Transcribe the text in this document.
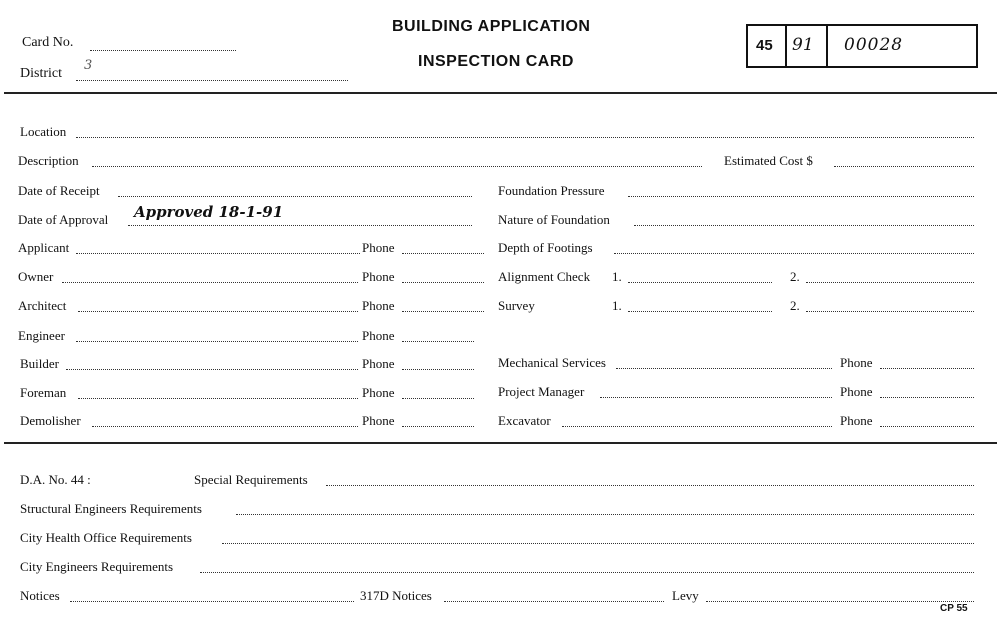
Card No.
District
3
BUILDING APPLICATION
INSPECTION CARD
45 91 00028
Location
Description
Date of Receipt
Date of Approval Approved 18-1-91
Applicant	Phone
Owner	Phone
Architect	Phone
Engineer	Phone
Builder	Phone
Foreman	Phone
Demolisher	Phone
Estimated Cost $
Foundation Pressure
Nature of Foundation
Depth of Footings
Alignment Check 1.	2.
Survey	1.	2.
Mechanical Services	Phone
Project Manager	Phone
Excavator	Phone
D.A. No. 44 :	Special Requirements
Structural Engineers Requirements
City Health Office Requirements
City Engineers Requirements
Notices	317D Notices	Levy
CP 55
